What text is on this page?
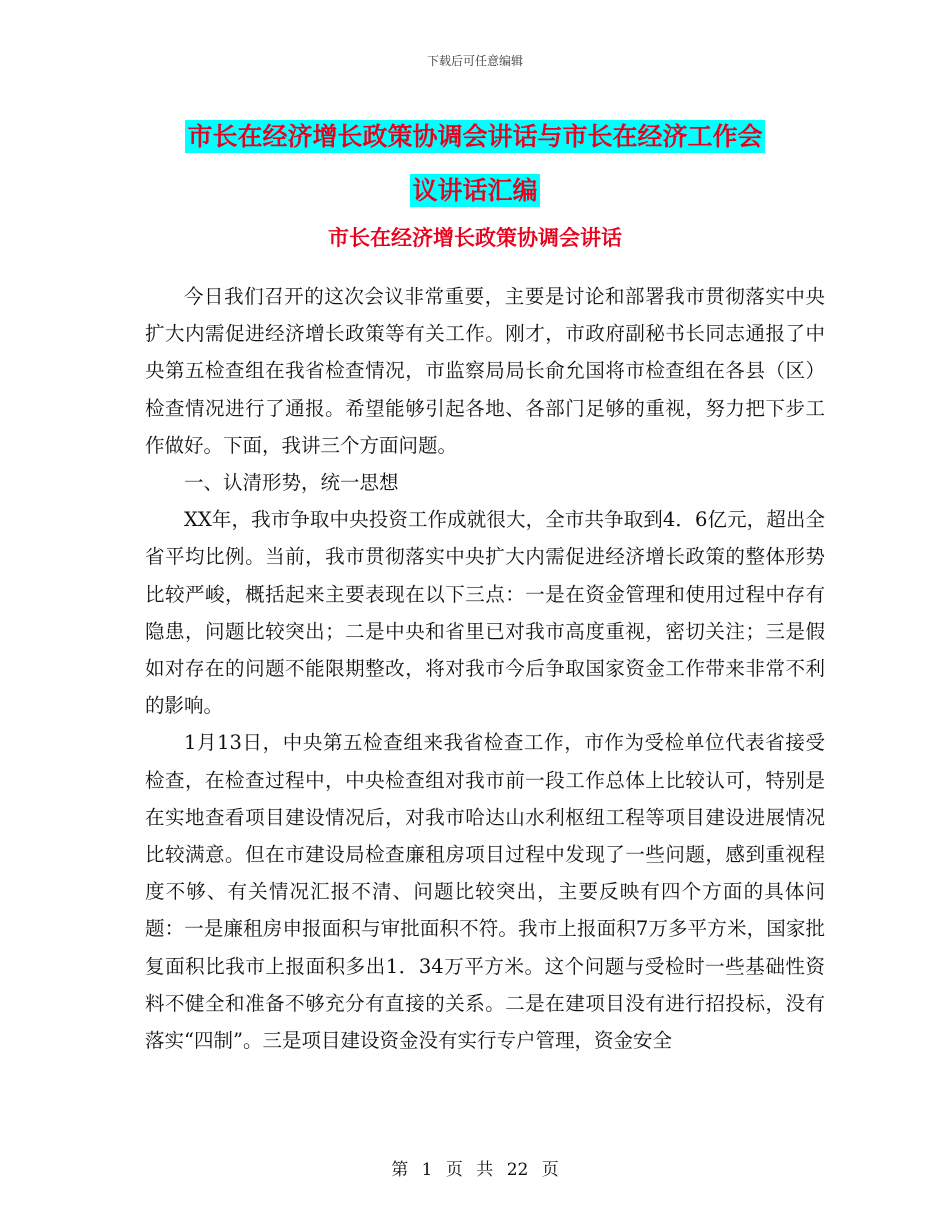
下载后可任意编辑
市长在经济增长政策协调会讲话与市长在经济工作会
议讲话汇编
市长在经济增长政策协调会讲话

今日我们召开的这次会议非常重要，主要是讨论和部署我市贯彻落实中央扩大内需促进经济增长政策等有关工作。刚才，市政府副秘书长同志通报了中央第五检查组在我省检查情况，市监察局局长俞允国将市检查组在各县（区）检查情况进行了通报。希望能够引起各地、各部门足够的重视，努力把下步工作做好。下面，我讲三个方面问题。

一、认清形势，统一思想

XX年，我市争取中央投资工作成就很大，全市共争取到4．6亿元，超出全省平均比例。当前，我市贯彻落实中央扩大内需促进经济增长政策的整体形势比较严峻，概括起来主要表现在以下三点：一是在资金管理和使用过程中存有隐患，问题比较突出；二是中央和省里已对我市高度重视，密切关注；三是假如对存在的问题不能限期整改，将对我市今后争取国家资金工作带来非常不利的影响。

1月13日，中央第五检查组来我省检查工作，市作为受检单位代表省接受检查，在检查过程中，中央检查组对我市前一段工作总体上比较认可，特别是在实地查看项目建设情况后，对我市哈达山水利枢纽工程等项目建设进展情况比较满意。但在市建设局检查廉租房项目过程中发现了一些问题，感到重视程度不够、有关情况汇报不清、问题比较突出，主要反映有四个方面的具体问题：一是廉租房申报面积与审批面积不符。我市上报面积7万多平方米，国家批复面积比我市上报面积多出1．34万平方米。这个问题与受检时一些基础性资料不健全和准备不够充分有直接的关系。二是在建项目没有进行招投标，没有落实“四制”。三是项目建设资金没有实行专户管理，资金安全

第 1 页 共 22 页
